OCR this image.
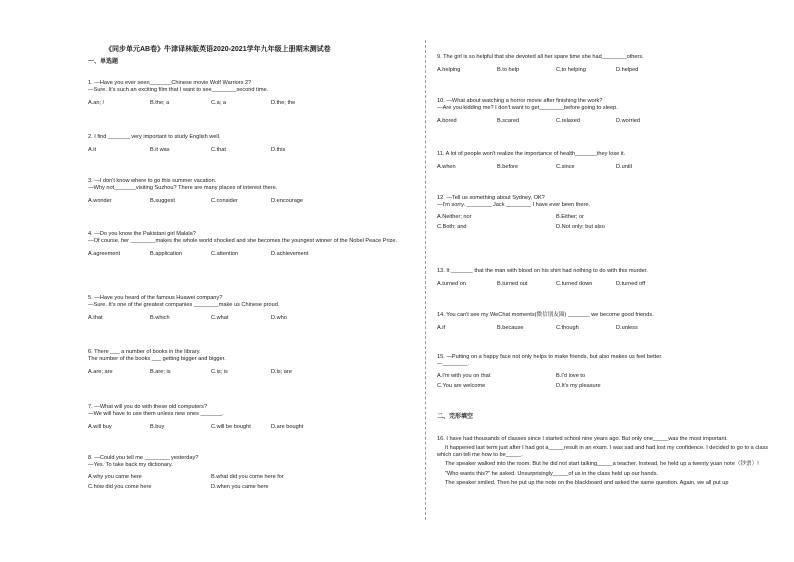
《同步单元AB卷》牛津译林版英语2020-2021学年九年级上册期末测试卷
一、单选题

1. —Have you ever seen_______Chinese movie Wolf Warriors 2?

—Sure. It's such an exciting film that I want to see________second time.

A.an; /	B.the; a	C.a; a	D.the; the

2. I find _______ very important to study English well.

A.it	B.it was	C.that	D.this

3. —I don't know where to go this summer vacation.

—Why not_______visiting Suzhou? There are many places of interest there.

A.wonder	B.suggest	C.consider	D.encourage

4. —Do you know the Pakistani girl Malala?

—Of course, her ________makes the whole world shocked and she becomes the youngest winner of the Nobel Peace Prize.

A.agreement	B.application	C.attention	D.achievement

5. —Have you heard of the famous Huawei company?

—Sure. It's one of the greatest companies ________make us Chinese proud.

A.that	B.which	C.what	D.who

6. There ___ a number of books in the library.

The number of the books ___ getting bigger and bigger.

A.are; are	B.are; is	C.is; is	D.is; are

7. —What will you do with these old computers?

—We will have to use them unless new ones _______.

A.will buy	B.buy	C.will be bought	D.are bought

8. —Could you tell me ________ yesterday?

—Yes. To take back my dictionary.

A.why you came here	B.what did you come here for
C.how did you come here	D.when you came here

9. The girl is so helpful that she devoted all her spare time she had________others.

A.helping	B.to help	C.to helping	D.helped

10. —What about watching a horror movie after finishing the work?

—Are you kidding me? I don't want to get________before going to sleep.

A.bored	B.scared	C.relaxed	D.worried

11. A lot of people won't realize the importance of health_______they lose it.

A.when	B.before	C.since	D.until

12. —Tell us something about Sydney, OK?

—I'm sorry. ________ Jack ________ I have ever been there.

A.Neither; nor	B.Either; or
C.Both; and	D.Not only; but also

13. It _______ that the man with blood on his shirt had nothing to do with this murder.

A.turned on	B.turned out	C.turned down	D.turned off

14. You can't see my WeChat moments(微信朋友圈) _______ we become good friends.

A.if	B.because	C.though	D.unless

15. —Putting on a happy face not only helps to make friends, but also makes us feel better.

—________.

A.I'm with you on that	B.I'd love to
C.You are welcome	D.It's my pleasure
二、完形填空

16. I have had thousands of classes since I started school nine years ago. But only one_____was the most important.

It happened last term just after I had got a_____result in an exam. I was sad and had lost my confidence. I decided to go to a class which can tell me how to be_____.

The speaker walked into the room. But he did not start talking_____a teacher. Instead, he held up a twenty yuan note（钞票）!

"Who wants this?" he asked. Unsurprisingly_____of us in the class held up our hands.

The speaker smiled. Then he put up the note on the blackboard and asked the same question. Again, we all put up
